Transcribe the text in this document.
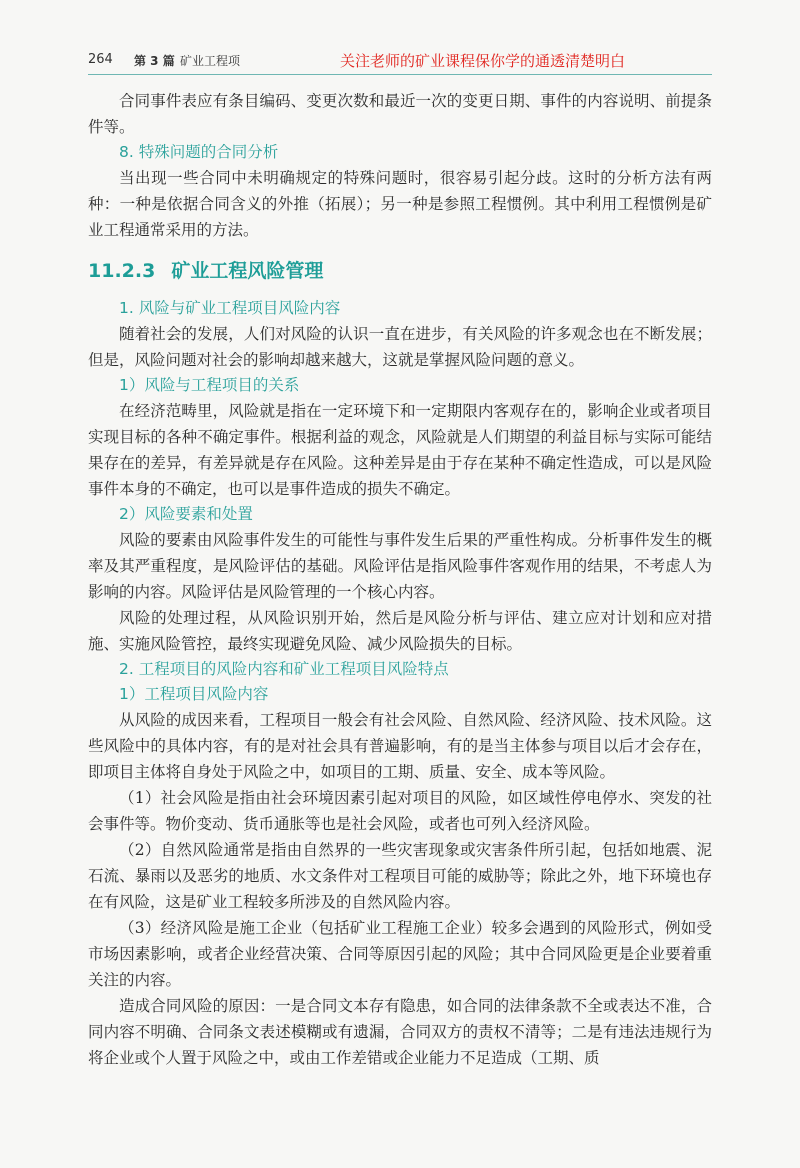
264 第 3 篇 矿业工程项	关注老师的矿业课程保你学的通透清楚明白

合同事件表应有条目编码、变更次数和最近一次的变更日期、事件的内容说明、前提条件等。

8. 特殊问题的合同分析

当出现一些合同中未明确规定的特殊问题时，很容易引起分歧。这时的分析方法有两种：一种是依据合同含义的外推（拓展）；另一种是参照工程惯例。其中利用工程惯例是矿业工程通常采用的方法。

11.2.3 矿业工程风险管理

1. 风险与矿业工程项目风险内容

随着社会的发展，人们对风险的认识一直在进步，有关风险的许多观念也在不断发展；但是，风险问题对社会的影响却越来越大，这就是掌握风险问题的意义。

1）风险与工程项目的关系

在经济范畴里，风险就是指在一定环境下和一定期限内客观存在的，影响企业或者项目实现目标的各种不确定事件。根据利益的观念，风险就是人们期望的利益目标与实际可能结果存在的差异，有差异就是存在风险。这种差异是由于存在某种不确定性造成，可以是风险事件本身的不确定，也可以是事件造成的损失不确定。

2）风险要素和处置

风险的要素由风险事件发生的可能性与事件发生后果的严重性构成。分析事件发生的概率及其严重程度，是风险评估的基础。风险评估是指风险事件客观作用的结果，不考虑人为影响的内容。风险评估是风险管理的一个核心内容。

风险的处理过程，从风险识别开始，然后是风险分析与评估、建立应对计划和应对措施、实施风险管控，最终实现避免风险、减少风险损失的目标。

2. 工程项目的风险内容和矿业工程项目风险特点

1）工程项目风险内容

从风险的成因来看，工程项目一般会有社会风险、自然风险、经济风险、技术风险。这些风险中的具体内容，有的是对社会具有普遍影响，有的是当主体参与项目以后才会存在，即项目主体将自身处于风险之中，如项目的工期、质量、安全、成本等风险。

（1）社会风险是指由社会环境因素引起对项目的风险，如区域性停电停水、突发的社会事件等。物价变动、货币通胀等也是社会风险，或者也可列入经济风险。

（2）自然风险通常是指由自然界的一些灾害现象或灾害条件所引起，包括如地震、泥石流、暴雨以及恶劣的地质、水文条件对工程项目可能的威胁等；除此之外，地下环境也存在有风险，这是矿业工程较多所涉及的自然风险内容。

（3）经济风险是施工企业（包括矿业工程施工企业）较多会遇到的风险形式，例如受市场因素影响，或者企业经营决策、合同等原因引起的风险；其中合同风险更是企业要着重关注的内容。

造成合同风险的原因：一是合同文本存有隐患，如合同的法律条款不全或表达不准，合同内容不明确、合同条文表述模糊或有遗漏，合同双方的责权不清等；二是有违法违规行为将企业或个人置于风险之中，或由工作差错或企业能力不足造成（工期、质
